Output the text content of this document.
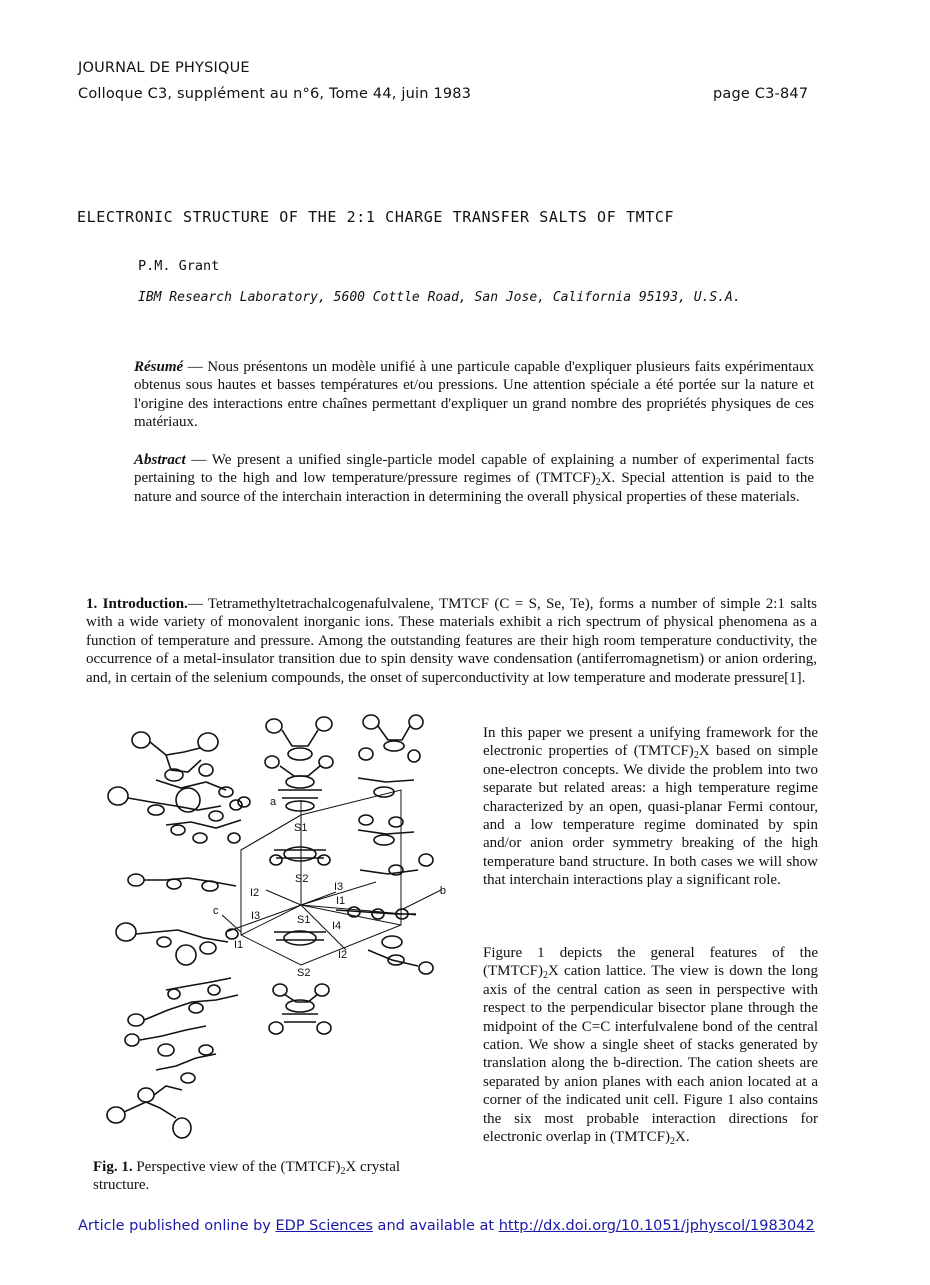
JOURNAL DE PHYSIQUE
Colloque C3, supplément au n°6, Tome 44, juin 1983	page C3-847
ELECTRONIC STRUCTURE OF THE 2:1 CHARGE TRANSFER SALTS OF TMTCF
P.M. Grant
IBM Research Laboratory, 5600 Cottle Road, San Jose, California 95193, U.S.A.
Résumé — Nous présentons un modèle unifié à une particule capable d'expliquer plusieurs faits expérimentaux obtenus sous hautes et basses températures et/ou pressions. Une attention spéciale a été portée sur la nature et l'origine des interactions entre chaînes permettant d'expliquer un grand nombre des propriétés physiques de ces matériaux.
Abstract — We present a unified single-particle model capable of explaining a number of experimental facts pertaining to the high and low temperature/pressure regimes of $(TMTCF)_2X$. Special attention is paid to the nature and source of the interchain interaction in determining the overall physical properties of these materials.
1. Introduction.— Tetramethyltetrachalcogenafulvalene, TMTCF (C = S, Se, Te), forms a number of simple 2:1 salts with a wide variety of monovalent inorganic ions. These materials exhibit a rich spectrum of physical phenomena as a function of temperature and pressure. Among the outstanding features are their high room temperature conductivity, the occurrence of a metal-insulator transition due to spin density wave condensation (antiferromagnetism) or anion ordering, and, in certain of the selenium compounds, the onset of superconductivity at low temperature and moderate pressure[1].
In this paper we present a unifying framework for the electronic properties of $(TMTCF)_2X$ based on simple one-electron concepts. We divide the problem into two separate but related areas: a high temperature regime characterized by an open, quasi-planar Fermi contour, and a low temperature regime dominated by spin and/or anion order symmetry breaking of the high temperature band structure. In both cases we will show that interchain interactions play a significant role.
Figure 1 depicts the general features of the $(TMTCF)_2X$ cation lattice. The view is down the long axis of the central cation as seen in perspective with respect to the perpendicular bisector plane through the midpoint of the C=C interfulvalene bond of the central cation. We show a single sheet of stacks generated by translation along the b-direction. The cation sheets are separated by anion planes with each anion located at a corner of the indicated unit cell. Figure 1 also contains the six most probable interaction directions for electronic overlap in $(TMTCF)_2X$.
a
b
c
S1
S2
S1
S2
I2
I3
I1
I3
I1
I4
I2
Fig. 1. Perspective view of the $(TMTCF)_2X$ crystal structure.
Article published online by EDP Sciences and available at http://dx.doi.org/10.1051/jphyscol/1983042
